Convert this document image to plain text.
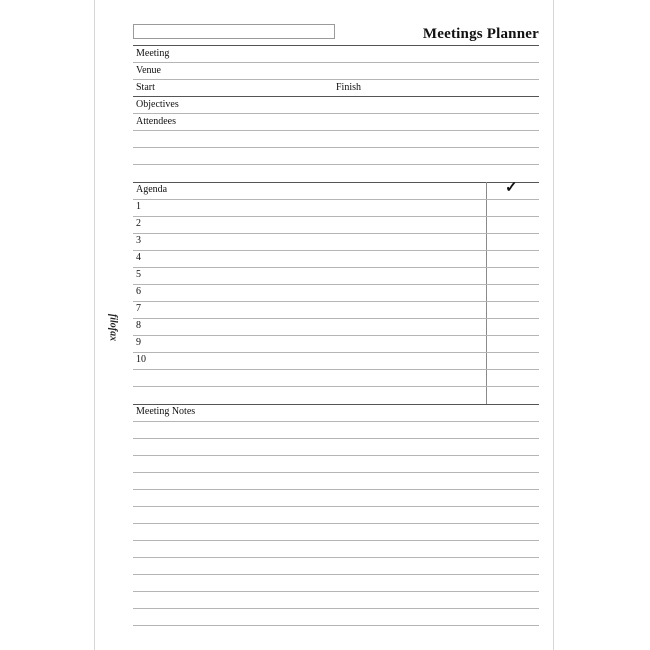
Meetings Planner
Meeting
Venue
Start	Finish
Objectives
Attendees
Agenda	✓
1
2
3
4
5
6
7
8
9
10
Meeting Notes
filofax
